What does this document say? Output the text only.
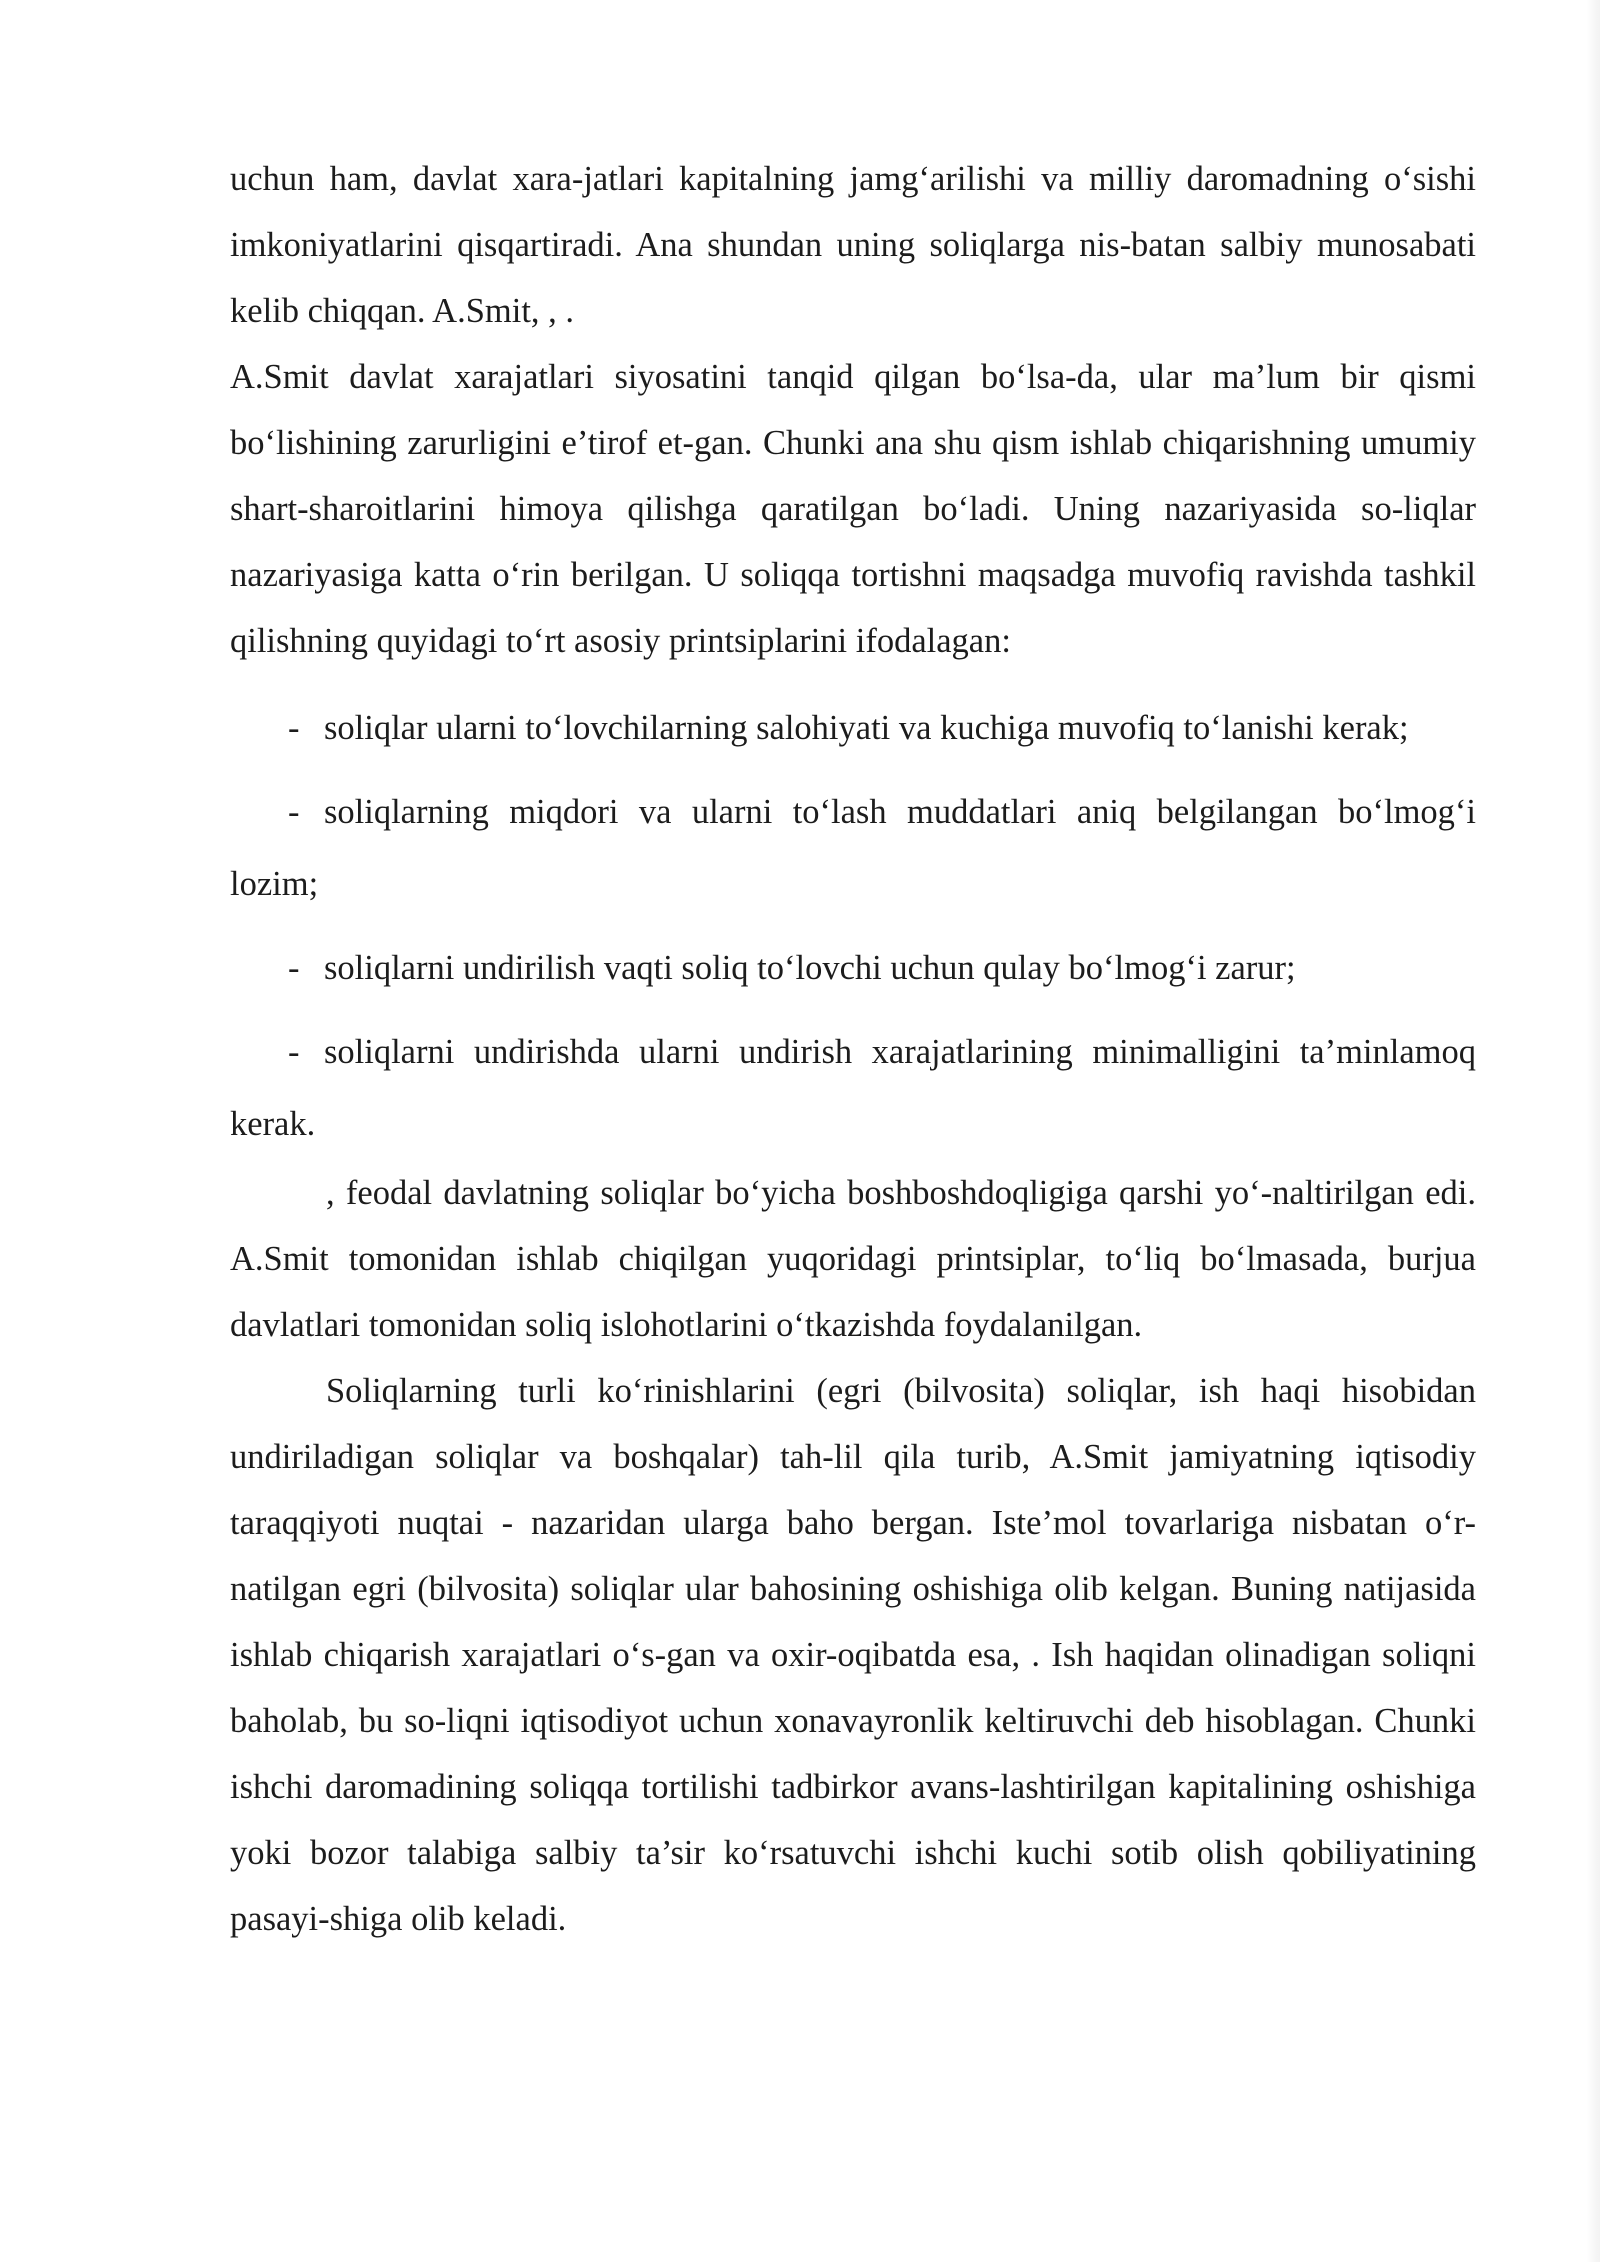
uchun ham, davlat xara-jatlari kapitalning jamg‘arilishi va milliy daromadning o‘sishi imkoniyatlarini qisqartiradi. Ana shundan uning soliqlarga nis-batan salbiy munosabati kelib chiqqan. A.Smit, , .

A.Smit davlat xarajatlari siyosatini tanqid qilgan bo‘lsa-da, ular ma’lum bir qismi bo‘lishining zarurligini e’tirof et-gan. Chunki ana shu qism ishlab chiqarishning umumiy shart-sharoitlarini himoya qilishga qaratilgan bo‘ladi. Uning nazariyasida so-liqlar nazariyasiga katta o‘rin berilgan. U soliqqa tortishni maqsadga muvofiq ravishda tashkil qilishning quyidagi to‘rt asosiy printsiplarini ifodalagan:

- soliqlar ularni to‘lovchilarning salohiyati va kuchiga muvofiq to‘lanishi kerak;

- soliqlarning miqdori va ularni to‘lash muddatlari aniq belgilangan bo‘lmog‘i lozim;

- soliqlarni undirilish vaqti soliq to‘lovchi uchun qulay bo‘lmog‘i zarur;

- soliqlarni undirishda ularni undirish xarajatlarining minimalligini ta’minlamoq kerak.

, feodal davlatning soliqlar bo‘yicha boshboshdoqligiga qarshi yo‘-naltirilgan edi. A.Smit tomonidan ishlab chiqilgan yuqoridagi printsiplar, to‘liq bo‘lmasada, burjua davlatlari tomonidan soliq islohotlarini o‘tkazishda foydalanilgan.

Soliqlarning turli ko‘rinishlarini (egri (bilvosita) soliqlar, ish haqi hisobidan undiriladigan soliqlar va boshqalar) tah-lil qila turib, A.Smit jamiyatning iqtisodiy taraqqiyoti nuqtai - nazaridan ularga baho bergan. Iste’mol tovarlariga nisbatan o‘r-natilgan egri (bilvosita) soliqlar ular bahosining oshishiga olib kelgan. Buning natijasida ishlab chiqarish xarajatlari o‘s-gan va oxir-oqibatda esa, . Ish haqidan olinadigan soliqni baholab, bu so-liqni iqtisodiyot uchun xonavayronlik keltiruvchi deb hisoblagan. Chunki ishchi daromadining soliqqa tortilishi tadbirkor avans-lashtirilgan kapitalining oshishiga yoki bozor talabiga salbiy ta’sir ko‘rsatuvchi ishchi kuchi sotib olish qobiliyatining pasayi-shiga olib keladi.
